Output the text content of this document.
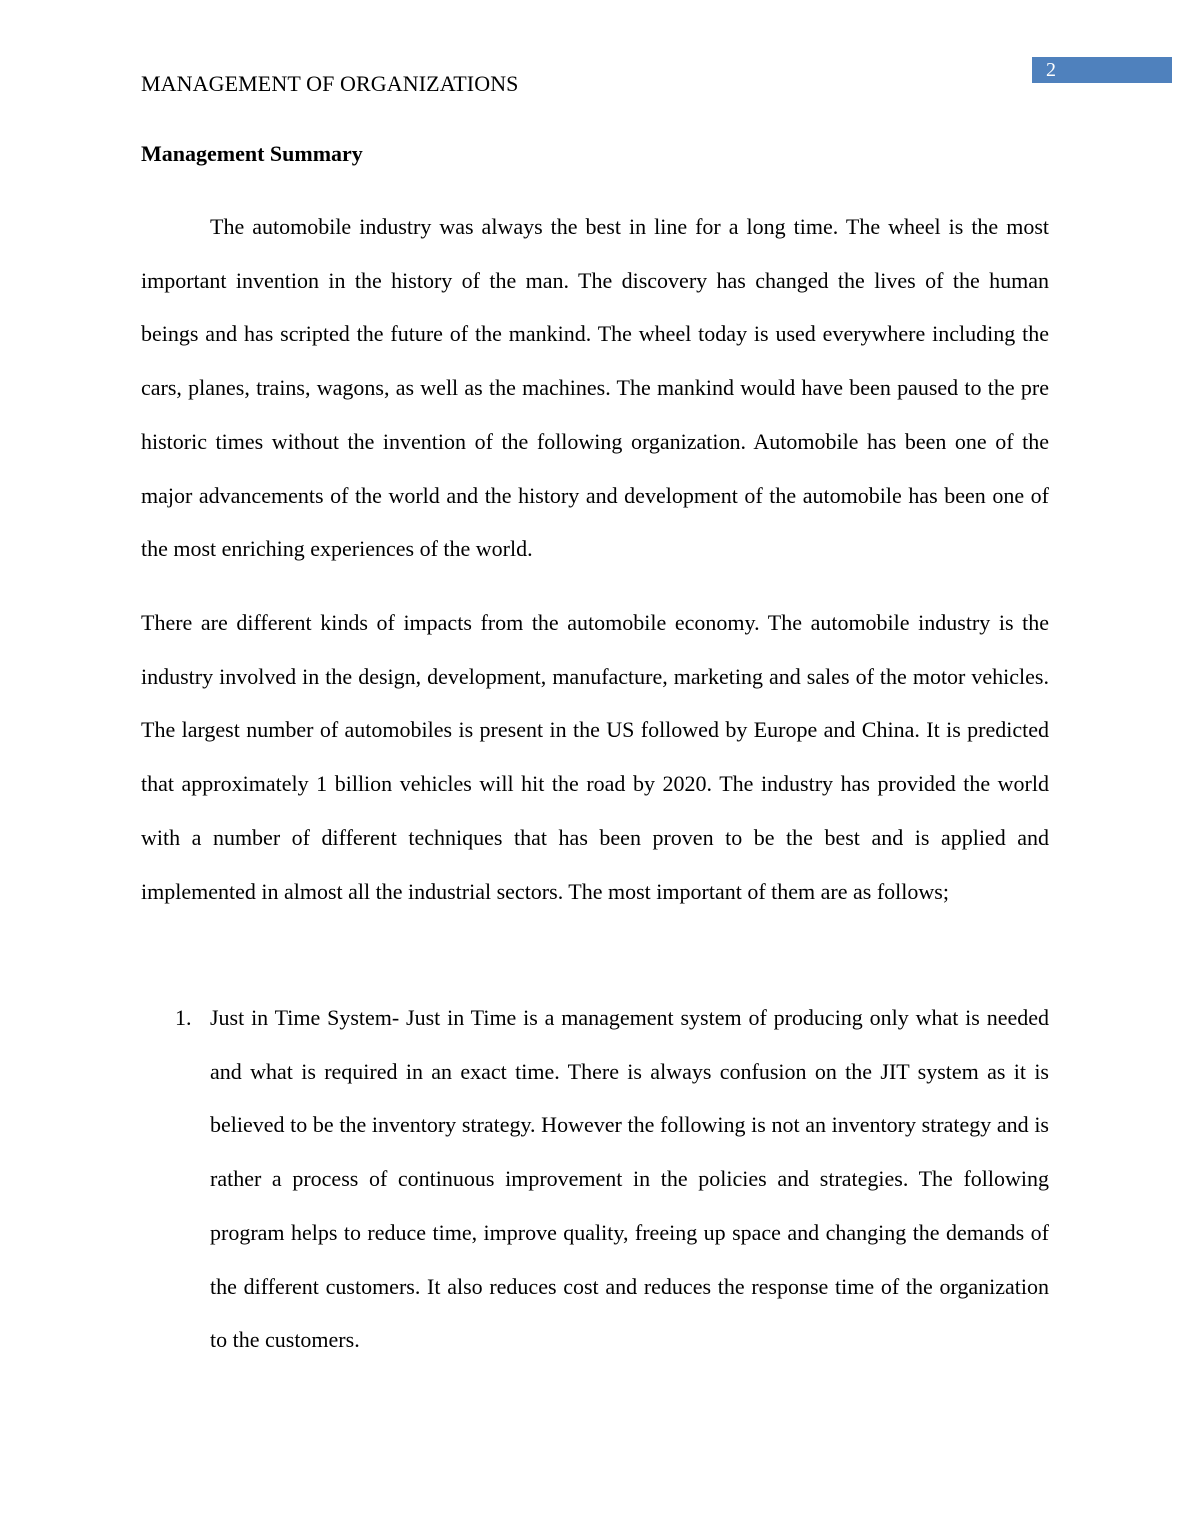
2
MANAGEMENT OF ORGANIZATIONS
Management Summary

The automobile industry was always the best in line for a long time. The wheel is the most important invention in the history of the man. The discovery has changed the lives of the human beings and has scripted the future of the mankind. The wheel today is used everywhere including the cars, planes, trains, wagons, as well as the machines. The mankind would have been paused to the pre historic times without the invention of the following organization. Automobile has been one of the major advancements of the world and the history and development of the automobile has been one of the most enriching experiences of the world.

There are different kinds of impacts from the automobile economy. The automobile industry is the industry involved in the design, development, manufacture, marketing and sales of the motor vehicles. The largest number of automobiles is present in the US followed by Europe and China. It is predicted that approximately 1 billion vehicles will hit the road by 2020. The industry has provided the world with a number of different techniques that has been proven to be the best and is applied and implemented in almost all the industrial sectors. The most important of them are as follows;

1. Just in Time System- Just in Time is a management system of producing only what is needed and what is required in an exact time. There is always confusion on the JIT system as it is believed to be the inventory strategy. However the following is not an inventory strategy and is rather a process of continuous improvement in the policies and strategies. The following program helps to reduce time, improve quality, freeing up space and changing the demands of the different customers. It also reduces cost and reduces the response time of the organization to the customers.
